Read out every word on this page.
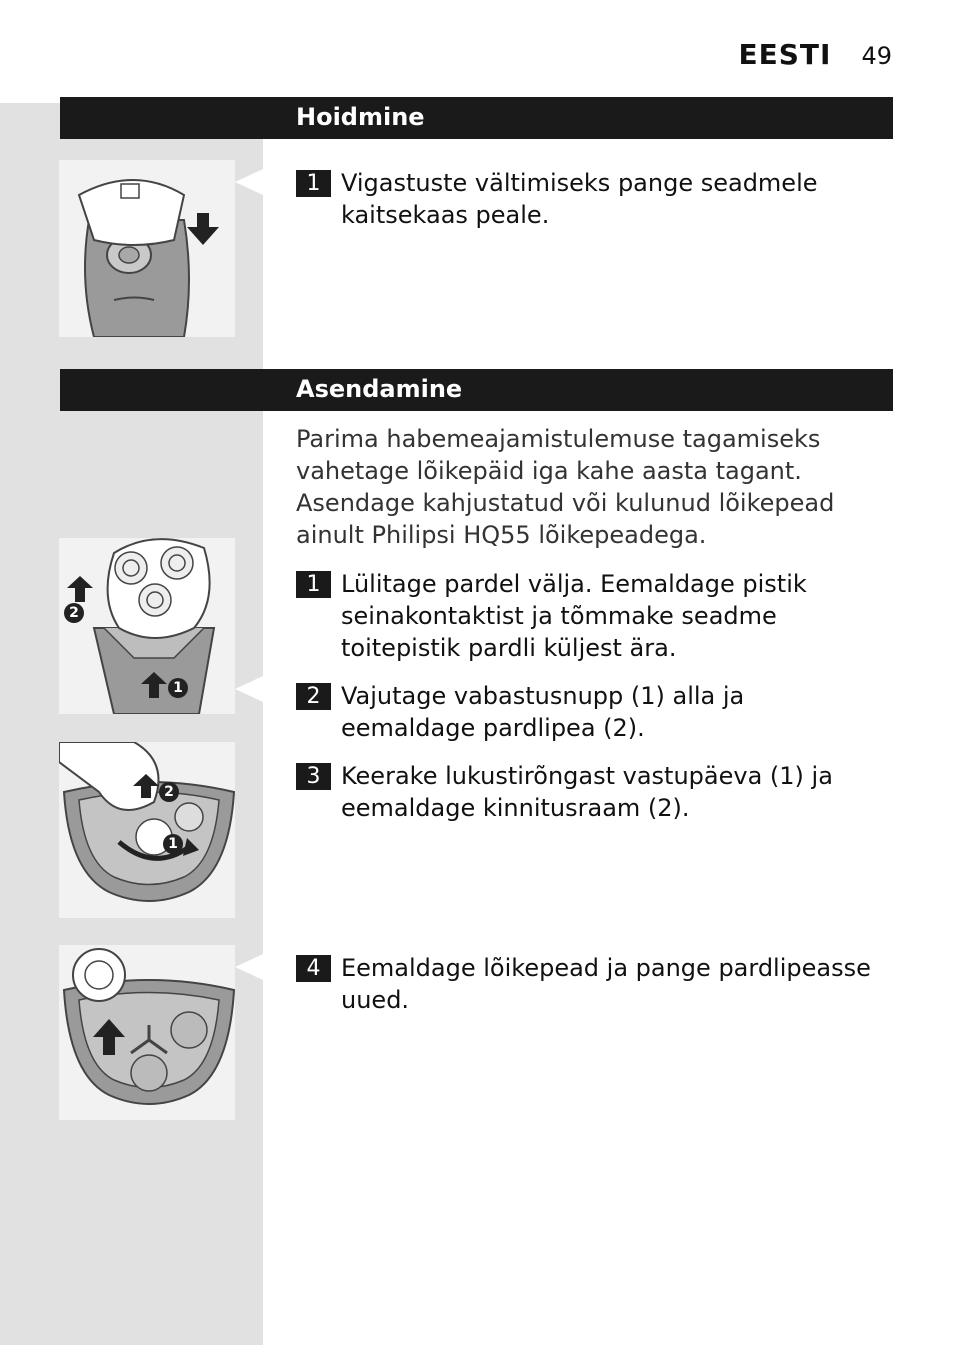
EESTI 49
Hoidmine
1 Vigastuste vältimiseks pange seadmele kaitsekaas peale.
Asendamine

Parima habemeajamistulemuse tagamiseks vahetage lõikepäid iga kahe aasta tagant.

Asendage kahjustatud või kulunud lõikepead ainult Philipsi HQ55 lõikepeadega.

2
1
1 Lülitage pardel välja. Eemaldage pistik seinakontaktist ja tõmmake seadme toitepistik pardli küljest ära.
2 Vajutage vabastusnupp (1) alla ja eemaldage pardlipea (2).
2
1
3 Keerake lukustirõngast vastupäeva (1) ja eemaldage kinnitusraam (2).
4 Eemaldage lõikepead ja pange pardlipeasse uued.
